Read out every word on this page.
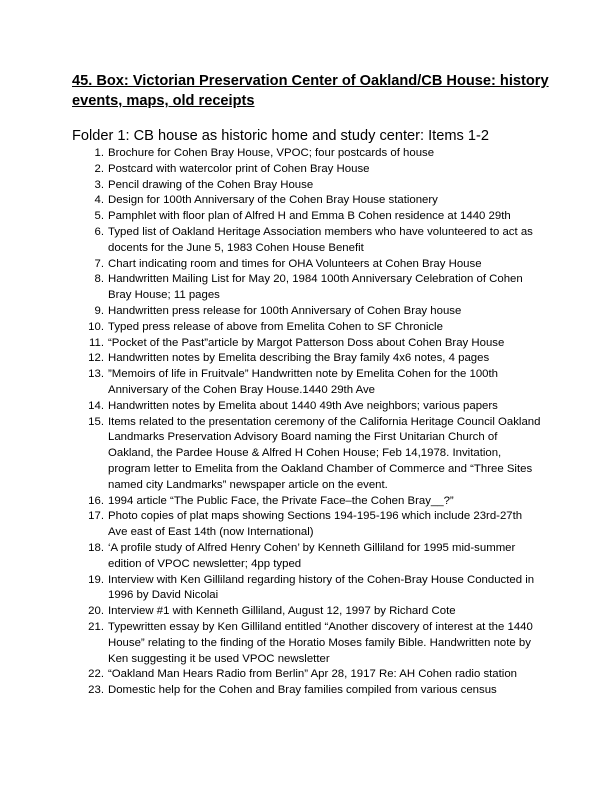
45. Box: Victorian Preservation Center of Oakland/CB House: history events, maps, old receipts

Folder 1: CB house as historic home and study center: Items 1-2

1. Brochure for Cohen Bray House, VPOC; four postcards of house
2. Postcard with watercolor print of Cohen Bray House
3. Pencil drawing of the Cohen Bray House
4. Design for 100th Anniversary of the Cohen Bray House stationery
5. Pamphlet with floor plan of Alfred H and Emma B Cohen residence at 1440 29th
6. Typed list of Oakland Heritage Association members who have volunteered to act as docents for the June 5, 1983 Cohen House Benefit
7. Chart indicating room and times for OHA Volunteers at Cohen Bray House
8. Handwritten Mailing List for May 20, 1984 100th Anniversary Celebration of Cohen Bray House; 11 pages
9. Handwritten press release for 100th Anniversary of Cohen Bray house
10. Typed press release of above from Emelita Cohen to SF Chronicle
11. “Pocket of the Past”article by Margot Patterson Doss about Cohen Bray House
12. Handwritten notes by Emelita describing the Bray family 4x6 notes, 4 pages
13. ”Memoirs of life in Fruitvale” Handwritten note by Emelita Cohen for the 100th Anniversary of the Cohen Bray House.1440 29th Ave
14. Handwritten notes by Emelita about 1440 49th Ave neighbors; various papers
15. Items related to the presentation ceremony of the California Heritage Council Oakland Landmarks Preservation Advisory Board naming the First Unitarian Church of Oakland, the Pardee House & Alfred H Cohen House; Feb 14,1978. Invitation, program letter to Emelita from the Oakland Chamber of Commerce and “Three Sites named city Landmarks” newspaper article on the event.
16. 1994 article “The Public Face, the Private Face–the Cohen Bray__?”
17. Photo copies of plat maps showing Sections 194-195-196 which include 23rd-27th Ave east of East 14th (now International)
18. ‘A profile study of Alfred Henry Cohen’ by Kenneth Gilliland for 1995 mid-summer edition of VPOC newsletter; 4pp typed
19. Interview with Ken Gilliland regarding history of the Cohen-Bray House Conducted in 1996 by David Nicolai
20. Interview #1 with Kenneth Gilliland, August 12, 1997 by Richard Cote
21. Typewritten essay by Ken Gilliland entitled “Another discovery of interest at the 1440 House” relating to the finding of the Horatio Moses family Bible. Handwritten note by Ken suggesting it be used VPOC newsletter
22. “Oakland Man Hears Radio from Berlin” Apr 28, 1917 Re: AH Cohen radio station
23. Domestic help for the Cohen and Bray families compiled from various census
